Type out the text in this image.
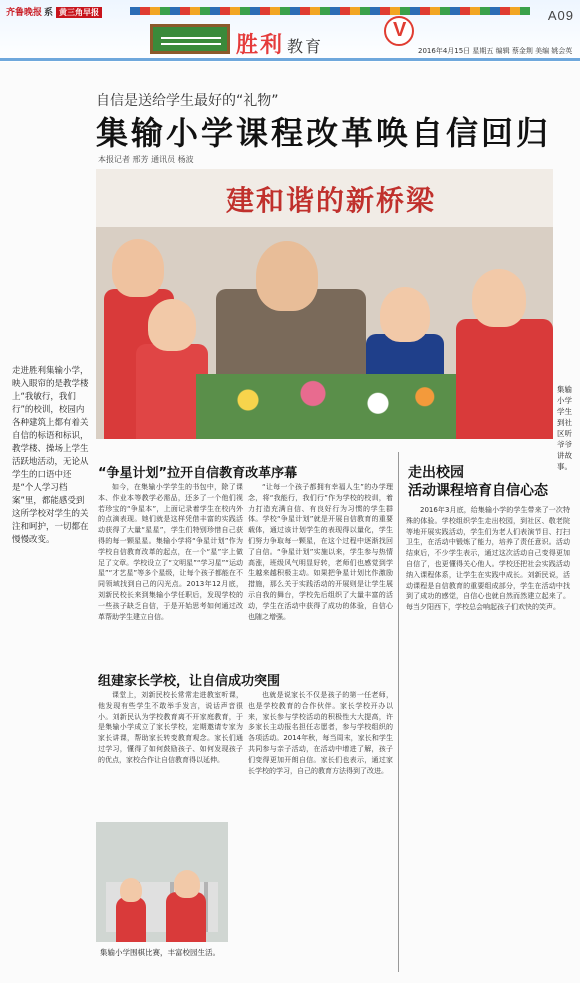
齐鲁晚报 系 黄三角早报	A09
胜利 教育
V
2016年4月15日 星期五 编辑 蔡金荆 美编 姚会英
自信是送给学生最好的“礼物”
集输小学课程改革唤自信回归
本报记者 邢芳 通讯员 杨波
建和谐的新桥梁
走进胜利集输小学，映入眼帘的是教学楼上“我敏行，我们行”的校训，校园内各种建筑上都有着关自信的标语和标识，教学楼、操场上学生活跃地活动，无论从学生的口语中还是“个人学习档案”里，都能感受到这所学校对学生的关注和呵护，一切都在慢慢改变。
集输小学学生到社区听爷爷讲故事。
“争星计划”拉开自信教育改革序幕
组建家长学校，让自信成功突围
走出校园
活动课程培育自信心态

如今，在集输小学学生的书包中，除了课本、作业本等教学必需品，还多了一个他们视若珍宝的“争星本”，上面记录着学生在校内外的点滴表现。她们就是这样凭借丰富的实践活动获得了大量“星星”，学生们特别珍惜自己获得的每一颗星星。集输小学将“争星计划”作为学校自信教育改革的起点，在一个“星”字上做足了文章。学校设立了“文明星”“学习星”“运动星”“才艺星”等多个星级，让每个孩子都能在不同领域找到自己的闪光点。2013年12月底，刘新民校长来到集输小学任职后，发现学校的一些孩子缺乏自信，于是开始思考如何通过改革帮助学生建立自信。

“让每一个孩子都拥有幸福人生”的办学理念，将“我能行，我们行”作为学校的校训，着力打造充满自信、有良好行为习惯的学生群体。学校“争星计划”就是开展自信教育的重要载体，通过该计划学生的表现得以量化，学生们努力争取每一颗星，在这个过程中逐渐找回了自信。“争星计划”实施以来，学生参与热情高涨，班级风气明显好转，老师们也感觉到学生越来越积极主动。如果把争星计划比作激励措施，那么关于实践活动的开展则是让学生展示自我的舞台，学校先后组织了大量丰富的活动，学生在活动中获得了成功的体验，自信心也随之增强。

课堂上，刘新民校长常常走进教室听课，他发现有些学生不敢举手发言，说话声音很小。刘新民认为学校教育离不开家庭教育，于是集输小学成立了家长学校，定期邀请专家为家长讲课，帮助家长转变教育观念。家长们通过学习，懂得了如何鼓励孩子、如何发现孩子的优点，家校合作让自信教育得以延伸。

也就是说家长不仅是孩子的第一任老师，也是学校教育的合作伙伴。家长学校开办以来，家长参与学校活动的积极性大大提高，许多家长主动报名担任志愿者，参与学校组织的各项活动。2014年秋，每当周末，家长和学生共同参与亲子活动，在活动中增进了解，孩子们变得更加开朗自信。家长们也表示，通过家长学校的学习，自己的教育方法得到了改进。

2016年3月底，给集输小学的学生带来了一次特殊的体验。学校组织学生走出校园，到社区、敬老院等地开展实践活动，学生们为老人们表演节目、打扫卫生，在活动中锻炼了能力，培养了责任意识。活动结束后，不少学生表示，通过这次活动自己变得更加自信了，也更懂得关心他人。学校还把社会实践活动纳入课程体系，让学生在实践中成长。刘新民说，活动课程是自信教育的重要组成部分，学生在活动中找到了成功的感觉，自信心也就自然而然建立起来了。每当夕阳西下，学校总会响起孩子们欢快的笑声。

集输小学围棋比赛，丰富校园生活。
